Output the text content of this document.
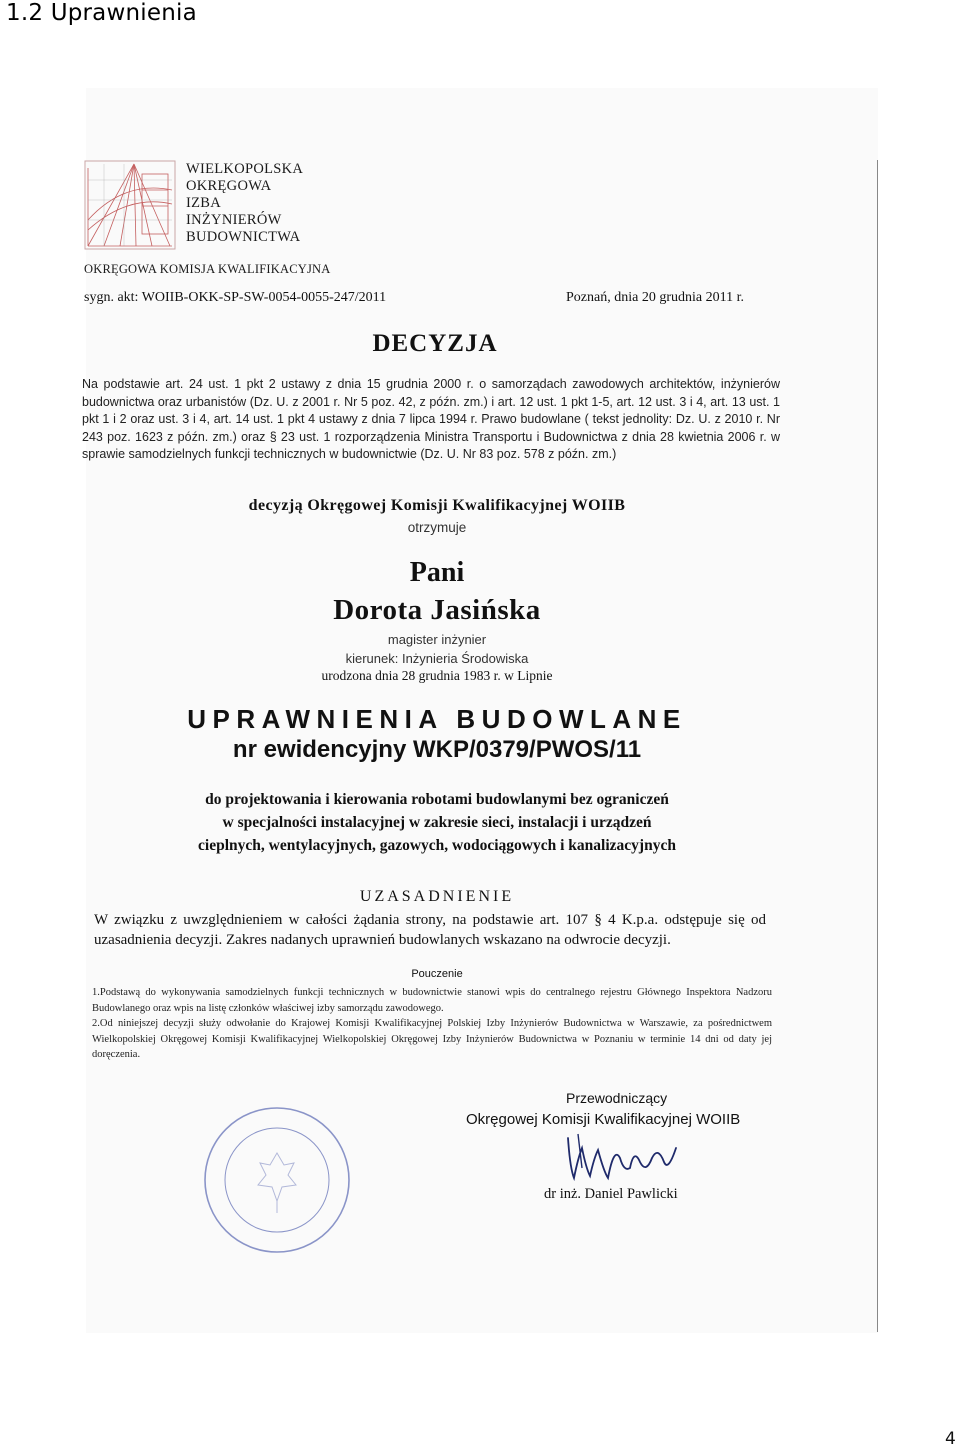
1.2 Uprawnienia
WIELKOPOLSKA
OKRĘGOWA
IZBA
INŻYNIERÓW
BUDOWNICTWA
OKRĘGOWA KOMISJA KWALIFIKACYJNA
sygn. akt: WOIIB-OKK-SP-SW-0054-0055-247/2011	Poznań, dnia 20 grudnia 2011 r.
DECYZJA
Na podstawie art. 24 ust. 1 pkt 2 ustawy z dnia 15 grudnia 2000 r. o samorządach zawodowych architektów, inżynierów budownictwa oraz urbanistów (Dz. U. z 2001 r. Nr 5 poz. 42, z późn. zm.) i art. 12 ust. 1 pkt 1-5, art. 12 ust. 3 i 4, art. 13 ust. 1 pkt 1 i 2 oraz ust. 3 i 4, art. 14 ust. 1 pkt 4 ustawy z dnia 7 lipca 1994 r. Prawo budowlane ( tekst jednolity: Dz. U. z 2010 r. Nr 243 poz. 1623 z późn. zm.) oraz § 23 ust. 1 rozporządzenia Ministra Transportu i Budownictwa z dnia 28 kwietnia 2006 r. w sprawie samodzielnych funkcji technicznych w budownictwie (Dz. U. Nr 83 poz. 578 z późn. zm.)
decyzją Okręgowej Komisji Kwalifikacyjnej WOIIB
otrzymuje
Pani
Dorota Jasińska
magister inżynier
kierunek: Inżynieria Środowiska
urodzona dnia 28 grudnia 1983 r. w Lipnie
UPRAWNIENIA BUDOWLANE
nr ewidencyjny WKP/0379/PWOS/11
do projektowania i kierowania robotami budowlanymi bez ograniczeń
w specjalności instalacyjnej w zakresie sieci, instalacji i urządzeń
cieplnych, wentylacyjnych, gazowych, wodociągowych i kanalizacyjnych
UZASADNIENIE
W związku z uwzględnieniem w całości żądania strony, na podstawie art. 107 § 4 K.p.a. odstępuje się od uzasadnienia decyzji. Zakres nadanych uprawnień budowlanych wskazano na odwrocie decyzji.
Pouczenie

1.Podstawą do wykonywania samodzielnych funkcji technicznych w budownictwie stanowi wpis do centralnego rejestru Głównego Inspektora Nadzoru Budowlanego oraz wpis na listę członków właściwej izby samorządu zawodowego.

2.Od niniejszej decyzji służy odwołanie do Krajowej Komisji Kwalifikacyjnej Polskiej Izby Inżynierów Budownictwa w Warszawie, za pośrednictwem Wielkopolskiej Okręgowej Komisji Kwalifikacyjnej Wielkopolskiej Okręgowej Izby Inżynierów Budownictwa w Poznaniu w terminie 14 dni od daty jej doręczenia.

Przewodniczący
Okręgowej Komisji Kwalifikacyjnej WOIIB
dr inż. Daniel Pawlicki
4
